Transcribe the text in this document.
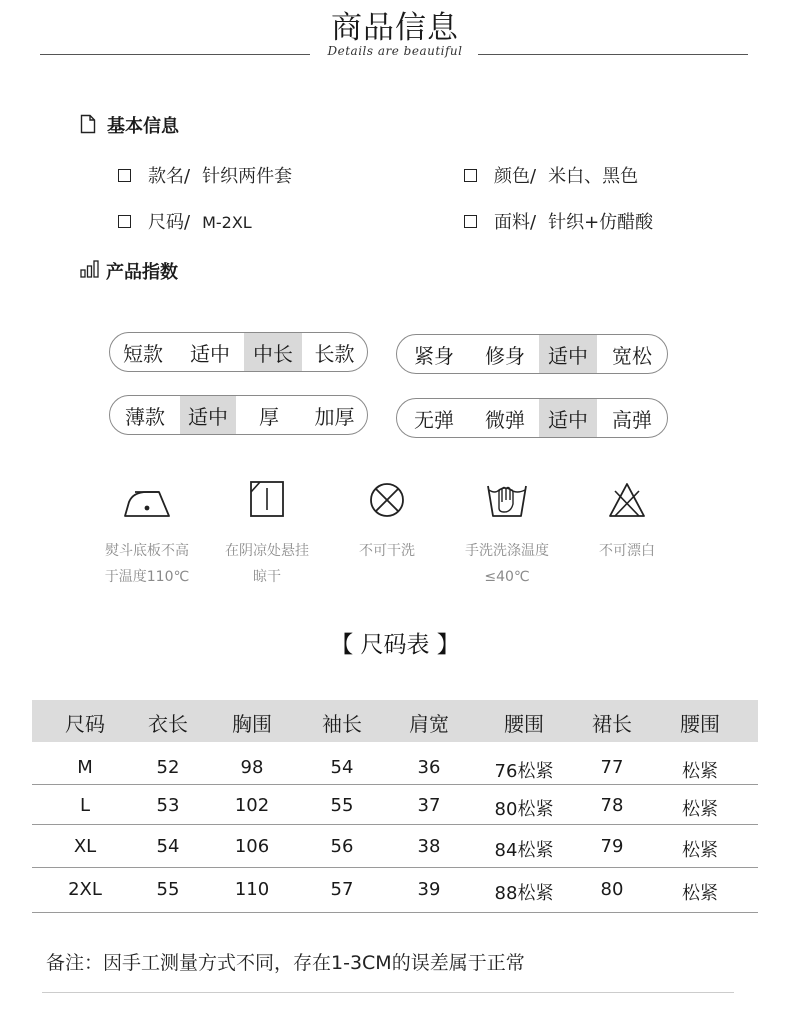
商品信息
Details are beautiful
基本信息
款名/ 针织两件套	颜色/ 米白、黑色
尺码/ M-2XL	面料/ 针织+仿醋酸
产品指数
短款	适中	中长	长款	紧身	修身	适中	宽松
薄款	适中	厚	加厚	无弹	微弹	适中	高弹
熨斗底板不高
于温度110℃
在阴凉处悬挂
晾干
不可干洗	手洗洗涤温度
≤40℃
不可漂白
【 尺码表 】
尺码 衣长 胸围	袖长 肩宽	腰围 裙长 腰围
M	52	98	54	36	76松紧	77	松紧
L	53	102	55	37	80松紧	78	松紧
XL	54	106	56	38	84松紧	79	松紧
2XL	55	110	57	39	88松紧	80	松紧
备注：因手工测量方式不同，存在1-3CM的误差属于正常
